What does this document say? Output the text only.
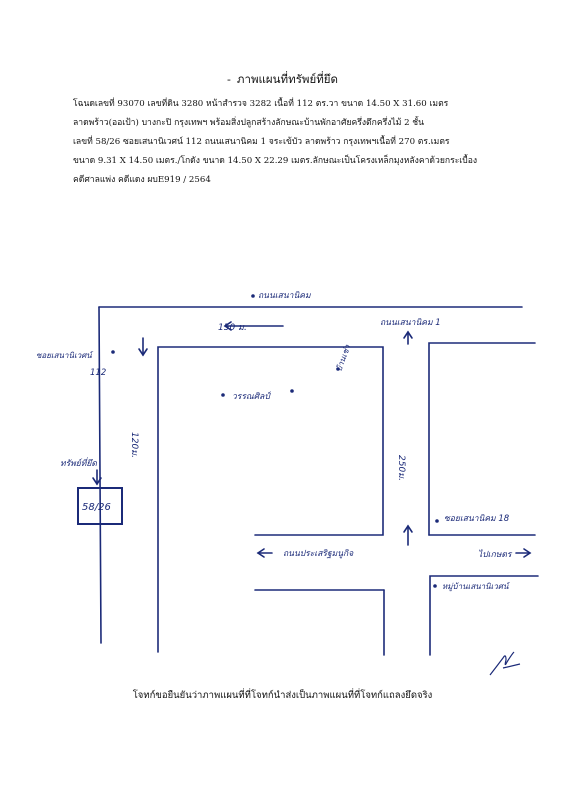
- ภาพแผนที่ทรัพย์ที่ยึด
โฉนดเลขที่ 93070 เลขที่ดิน 3280 หน้าสำรวจ 3282 เนื้อที่ 112 ตร.วา ขนาด 14.50 X 31.60 เมตร
ลาดพร้าว(ออเป้า) บางกะปิ กรุงเทพฯ พร้อมสิ่งปลูกสร้างลักษณะบ้านพักอาศัยครึ่งตึกครึ่งไม้ 2 ชั้น
เลขที่ 58/26 ซอยเสนานิเวศน์ 112 ถนนเสนานิคม 1 จระเข้บัว ลาดพร้าว กรุงเทพฯเนื้อที่ 270 ตร.เมตร
ขนาด 9.31 X 14.50 เมตร./โกดัง ขนาด 14.50 X 22.29 เมตร.ลักษณะเป็นโครงเหล็กมุงหลังคาด้วยกระเบื้อง
คดีศาลแพ่ง คดีแดง ผบE919 / 2564
ถนนเสนานิคม
150 ม.
ซอยเสนานิเวศน์
112
120ม.
ทรัพย์ที่ยึด
58/26
วรรณศิลป์
บ้านเช่า
ถนนเสนานิคม 1
250ม.
ซอยเสนานิคม 18
ถนนประเสริฐมนูกิจ	ไปเกษตร
หมู่บ้านเสนานิเวศน์
โจทก์ขอยืนยันว่าภาพแผนที่ที่โจทก์นำส่งเป็นภาพแผนที่ที่โจทก์แถลงยึดจริง
